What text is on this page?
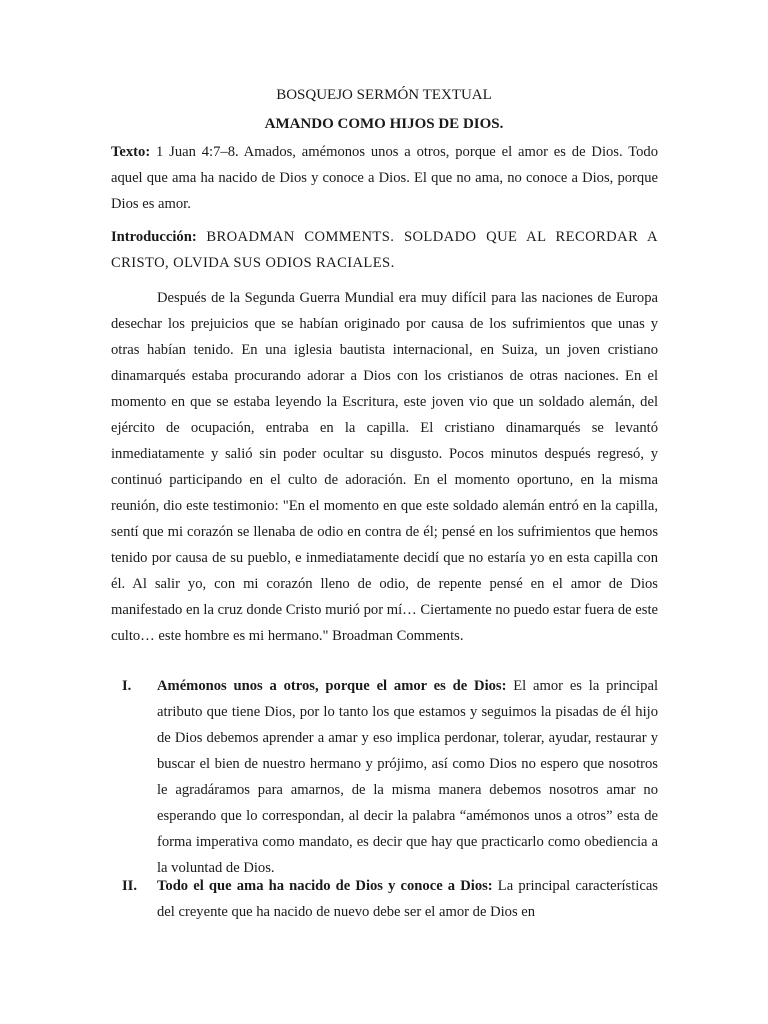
BOSQUEJO SERMÓN TEXTUAL
AMANDO COMO HIJOS DE DIOS.
Texto: 1 Juan 4:7–8. Amados, amémonos unos a otros, porque el amor es de Dios. Todo aquel que ama ha nacido de Dios y conoce a Dios. El que no ama, no conoce a Dios, porque Dios es amor.
Introducción: BROADMAN COMMENTS. SOLDADO QUE AL RECORDAR A CRISTO, OLVIDA SUS ODIOS RACIALES.
Después de la Segunda Guerra Mundial era muy difícil para las naciones de Europa desechar los prejuicios que se habían originado por causa de los sufrimientos que unas y otras habían tenido. En una iglesia bautista internacional, en Suiza, un joven cristiano dinamarqués estaba procurando adorar a Dios con los cristianos de otras naciones. En el momento en que se estaba leyendo la Escritura, este joven vio que un soldado alemán, del ejército de ocupación, entraba en la capilla. El cristiano dinamarqués se levantó inmediatamente y salió sin poder ocultar su disgusto. Pocos minutos después regresó, y continuó participando en el culto de adoración. En el momento oportuno, en la misma reunión, dio este testimonio: "En el momento en que este soldado alemán entró en la capilla, sentí que mi corazón se llenaba de odio en contra de él; pensé en los sufrimientos que hemos tenido por causa de su pueblo, e inmediatamente decidí que no estaría yo en esta capilla con él. Al salir yo, con mi corazón lleno de odio, de repente pensé en el amor de Dios manifestado en la cruz donde Cristo murió por mí… Ciertamente no puedo estar fuera de este culto… este hombre es mi hermano." Broadman Comments.
I. Amémonos unos a otros, porque el amor es de Dios: El amor es la principal atributo que tiene Dios, por lo tanto los que estamos y seguimos la pisadas de él hijo de Dios debemos aprender a amar y eso implica perdonar, tolerar, ayudar, restaurar y buscar el bien de nuestro hermano y prójimo, así como Dios no espero que nosotros le agradáramos para amarnos, de la misma manera debemos nosotros amar no esperando que lo correspondan, al decir la palabra “amémonos unos a otros” esta de forma imperativa como mandato, es decir que hay que practicarlo como obediencia a la voluntad de Dios.
II. Todo el que ama ha nacido de Dios y conoce a Dios: La principal características del creyente que ha nacido de nuevo debe ser el amor de Dios en
